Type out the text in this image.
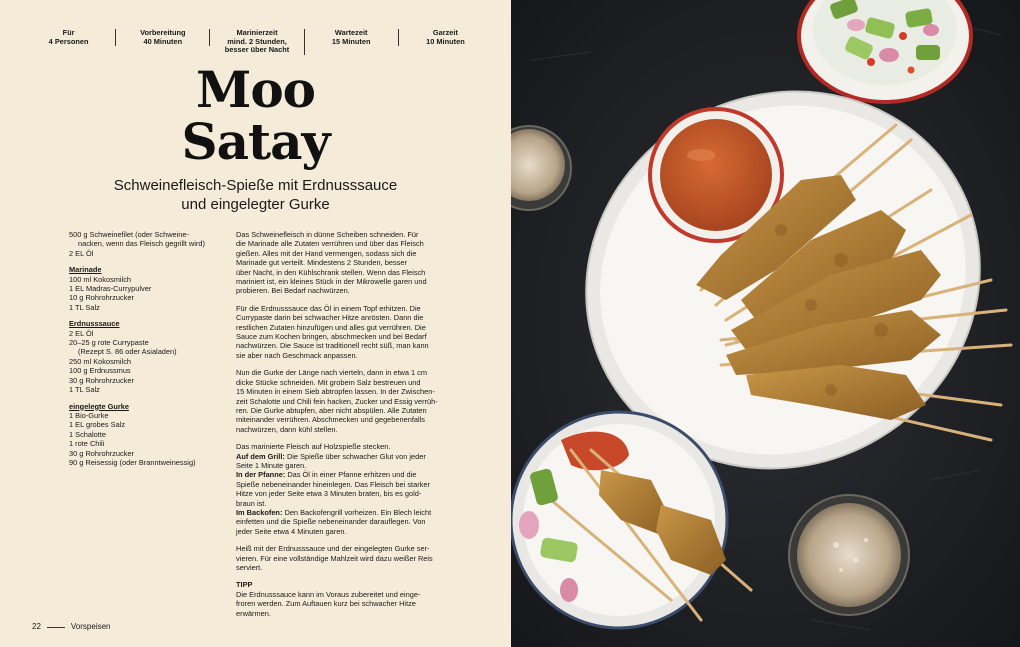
Für
4 Personen
Vorbereitung
40 Minuten
Marinierzeit
mind. 2 Stunden,
besser über Nacht
Wartezeit
15 Minuten
Garzeit
10 Minuten
Moo
Satay
Schweinefleisch-Spieße mit Erdnusssauce
und eingelegter Gurke
500 g Schweinefilet (oder Schweine-
nacken, wenn das Fleisch gegrillt wird)
2 EL Öl
Marinade
100 ml Kokosmilch
1 EL Madras-Currypulver
10 g Rohrohrzucker
1 TL Salz
Erdnusssauce
2 EL Öl
20–25 g rote Currypaste
(Rezept S. 86 oder Asialaden)
250 ml Kokosmilch
100 g Erdnussmus
30 g Rohrohrzucker
1 TL Salz
eingelegte Gurke
1 Bio-Gurke
1 EL grobes Salz
1 Schalotte
1 rote Chili
30 g Rohrohrzucker
90 g Reisessig (oder Branntweinessig)

Das Schweinefleisch in dünne Scheiben schneiden. Für
die Marinade alle Zutaten verrühren und über das Fleisch
gießen. Alles mit der Hand vermengen, sodass sich die
Marinade gut verteilt. Mindestens 2 Stunden, besser
über Nacht, in den Kühlschrank stellen. Wenn das Fleisch
mariniert ist, ein kleines Stück in der Mikrowelle garen und
probieren. Bei Bedarf nachwürzen.

Für die Erdnusssauce das Öl in einem Topf erhitzen. Die
Currypaste darin bei schwacher Hitze anrösten. Dann die
restlichen Zutaten hinzufügen und alles gut verrühren. Die
Sauce zum Kochen bringen, abschmecken und bei Bedarf
nachwürzen. Die Sauce ist traditionell recht süß, man kann
sie aber nach Geschmack anpassen.

Nun die Gurke der Länge nach vierteln, dann in etwa 1 cm
dicke Stücke schneiden. Mit grobem Salz bestreuen und
15 Minuten in einem Sieb abtropfen lassen. In der Zwischen-
zeit Schalotte und Chili fein hacken, Zucker und Essig verrüh-
ren. Die Gurke abtupfen, aber nicht abspülen. Alle Zutaten
miteinander verrühren. Abschmecken und gegebenenfalls
nachwürzen, dann kühl stellen.

Das marinierte Fleisch auf Holzspieße stecken.
Auf dem Grill: Die Spieße über schwacher Glut von jeder
Seite 1 Minute garen.
In der Pfanne: Das Öl in einer Pfanne erhitzen und die
Spieße nebeneinander hineinlegen. Das Fleisch bei starker
Hitze von jeder Seite etwa 3 Minuten braten, bis es gold-
braun ist.
Im Backofen: Den Backofengrill vorheizen. Ein Blech leicht
einfetten und die Spieße nebeneinander darauflegen. Von
jeder Seite etwa 4 Minuten garen.

Heiß mit der Erdnusssauce und der eingelegten Gurke ser-
vieren. Für eine vollständige Mahlzeit wird dazu weißer Reis
serviert.

TIPP
Die Erdnusssauce kann im Voraus zubereitet und einge-
froren werden. Zum Auftauen kurz bei schwacher Hitze
erwärmen.

22	Vorspeisen
